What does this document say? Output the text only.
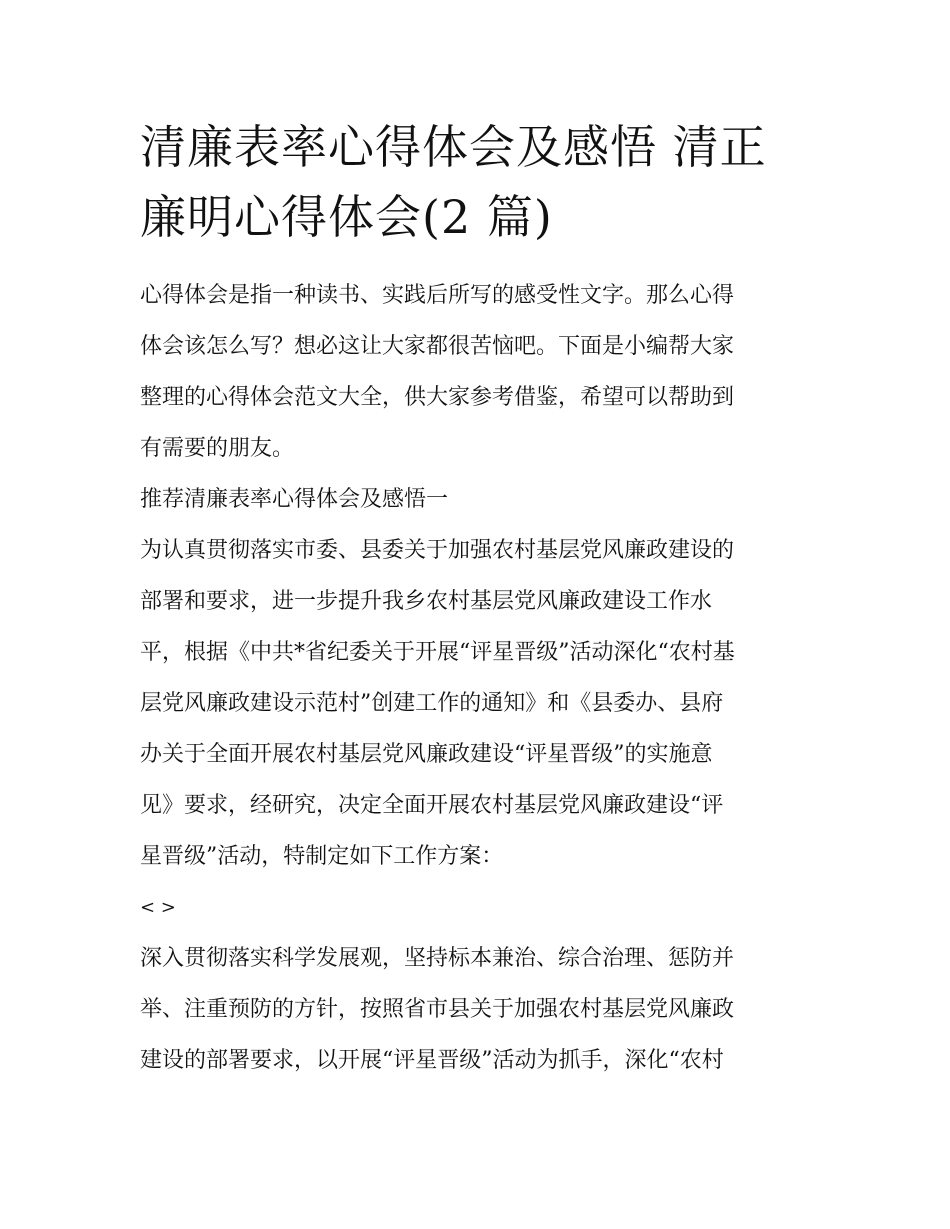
清廉表率心得体会及感悟 清正
廉明心得体会(2 篇)
心得体会是指一种读书、实践后所写的感受性文字。那么心得
体会该怎么写？想必这让大家都很苦恼吧。下面是小编帮大家
整理的心得体会范文大全，供大家参考借鉴，希望可以帮助到
有需要的朋友。

推荐清廉表率心得体会及感悟一

为认真贯彻落实市委、县委关于加强农村基层党风廉政建设的
部署和要求，进一步提升我乡农村基层党风廉政建设工作水
平，根据《中共*省纪委关于开展“评星晋级”活动深化“农村基
层党风廉政建设示范村”创建工作的通知》和《县委办、县府
办关于全面开展农村基层党风廉政建设“评星晋级”的实施意
见》要求，经研究，决定全面开展农村基层党风廉政建设“评
星晋级”活动，特制定如下工作方案：

< >

深入贯彻落实科学发展观，坚持标本兼治、综合治理、惩防并
举、注重预防的方针，按照省市县关于加强农村基层党风廉政
建设的部署要求，以开展“评星晋级”活动为抓手，深化“农村
